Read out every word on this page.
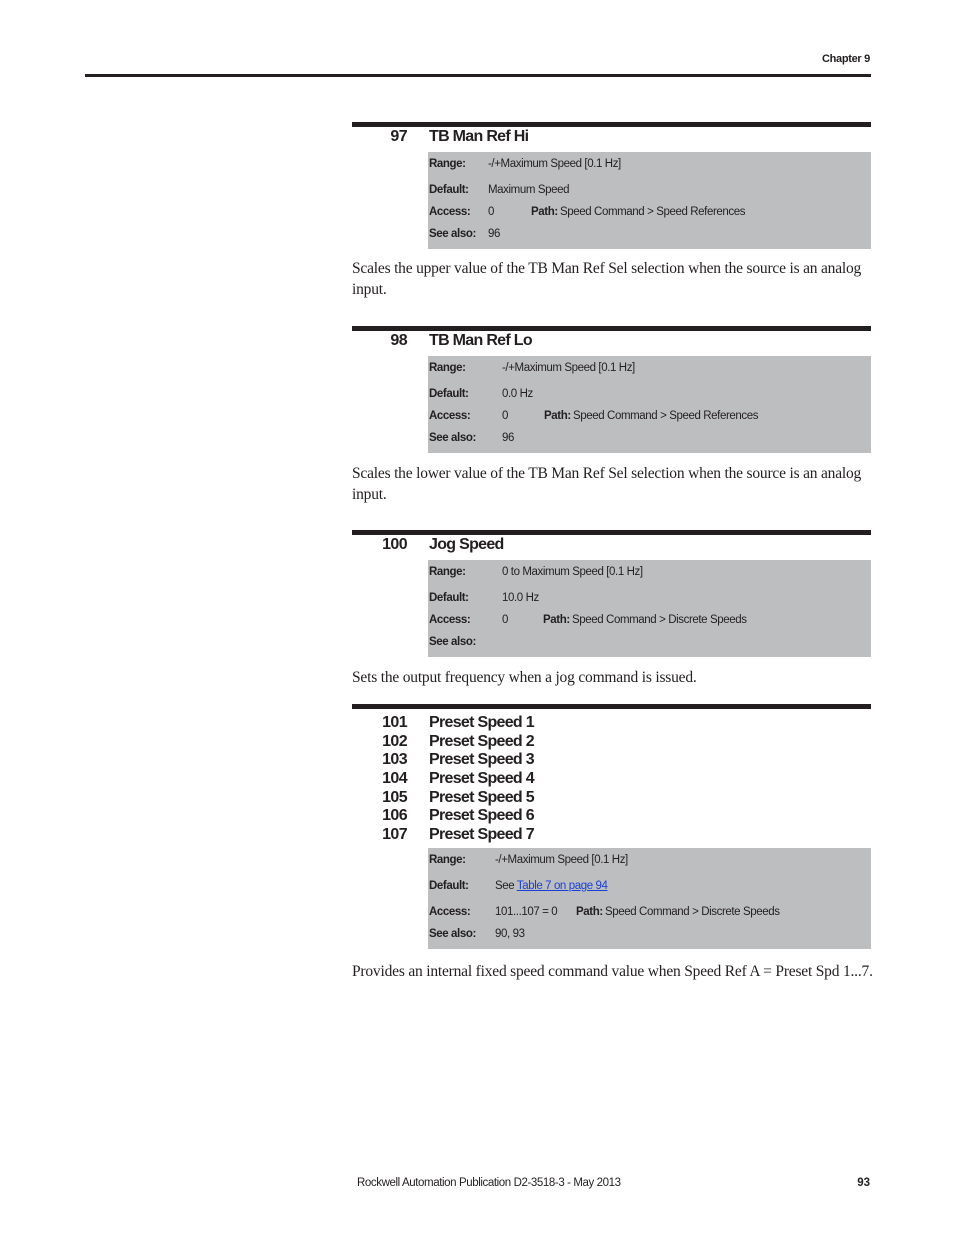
Chapter 9
97 TB Man Ref Hi
Range: -/+Maximum Speed [0.1 Hz]
Default: Maximum Speed
Access: 0	Path: Speed Command > Speed References
See also: 96
Scales the upper value of the TB Man Ref Sel selection when the source is an analog input.
98 TB Man Ref Lo
Range:	-/+Maximum Speed [0.1 Hz]
Default:	0.0 Hz
Access:	0	Path: Speed Command > Speed References
See also: 96
Scales the lower value of the TB Man Ref Sel selection when the source is an analog input.
100 Jog Speed
Range:	0 to Maximum Speed [0.1 Hz]
Default:	10.0 Hz
Access:	0	Path: Speed Command > Discrete Speeds
See also:
Sets the output frequency when a jog command is issued.
101 Preset Speed 1
102 Preset Speed 2
103 Preset Speed 3
104 Preset Speed 4
105 Preset Speed 5
106 Preset Speed 6
107 Preset Speed 7
Range:	-/+Maximum Speed [0.1 Hz]
Default: See Table 7 on page 94
Access: 101...107 = 0 Path: Speed Command > Discrete Speeds
See also: 90, 93
Provides an internal fixed speed command value when Speed Ref A = Preset Spd 1...7.
Rockwell Automation Publication D2-3518-3 - May 2013	93
